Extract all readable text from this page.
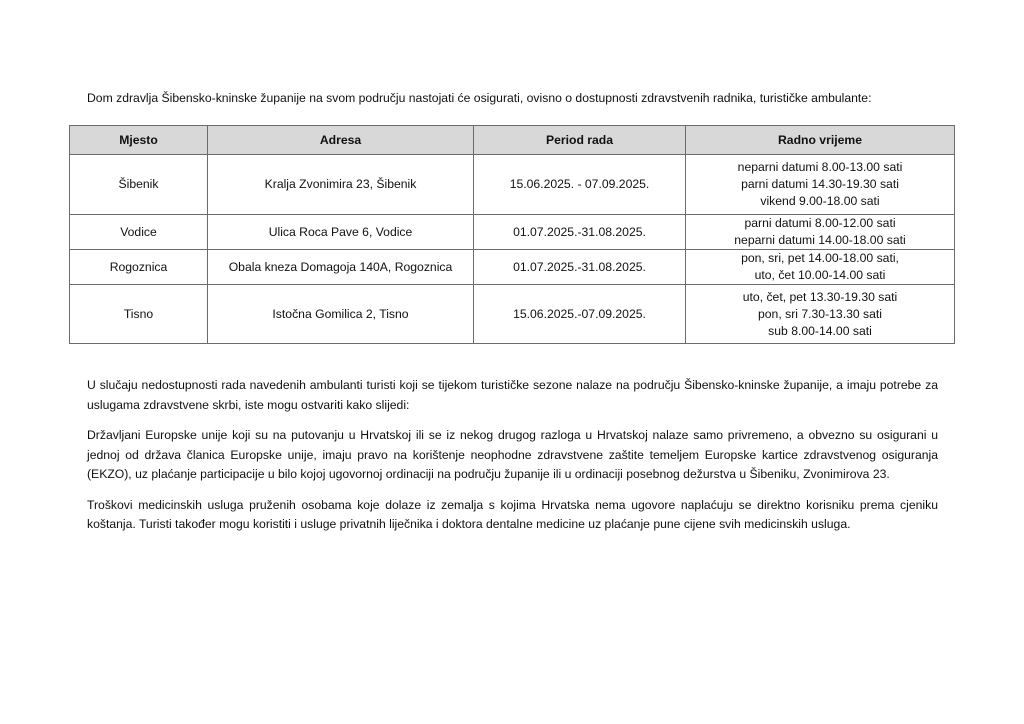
Dom zdravlja Šibensko-kninske županije na svom području nastojati će osigurati, ovisno o dostupnosti zdravstvenih radnika, turističke ambulante:

Mjesto	Adresa	Period rada	Radno vrijeme
Šibenik	Kralja Zvonimira 23, Šibenik	15.06.2025. - 07.09.2025.	neparni datumi 8.00-13.00 sati
parni datumi 14.30-19.30 sati
vikend 9.00-18.00 sati

Vodice	Ulica Roca Pave 6, Vodice	01.07.2025.-31.08.2025.	parni datumi 8.00-12.00 sati
neparni datumi 14.00-18.00 sati

Rogoznica	Obala kneza Domagoja 140A, Rogoznica	01.07.2025.-31.08.2025.	pon, sri, pet 14.00-18.00 sati,
uto, čet 10.00-14.00 sati

Tisno	Istočna Gomilica 2, Tisno	15.06.2025.-07.09.2025.	uto, čet, pet 13.30-19.30 sati
pon, sri 7.30-13.30 sati
sub 8.00-14.00 sati

U slučaju nedostupnosti rada navedenih ambulanti turisti koji se tijekom turističke sezone nalaze na području Šibensko-kninske županije, a imaju potrebe za uslugama zdravstvene skrbi, iste mogu ostvariti kako slijedi:

Državljani Europske unije koji su na putovanju u Hrvatskoj ili se iz nekog drugog razloga u Hrvatskoj nalaze samo privremeno, a obvezno su osigurani u jednoj od država članica Europske unije, imaju pravo na korištenje neophodne zdravstvene zaštite temeljem Europske kartice zdravstvenog osiguranja (EKZO), uz plaćanje participacije u bilo kojoj ugovornoj ordinaciji na području županije ili u ordinaciji posebnog dežurstva u Šibeniku, Zvonimirova 23.

Troškovi medicinskih usluga pruženih osobama koje dolaze iz zemalja s kojima Hrvatska nema ugovore naplaćuju se direktno korisniku prema cjeniku koštanja. Turisti također mogu koristiti i usluge privatnih liječnika i doktora dentalne medicine uz plaćanje pune cijene svih medicinskih usluga.
